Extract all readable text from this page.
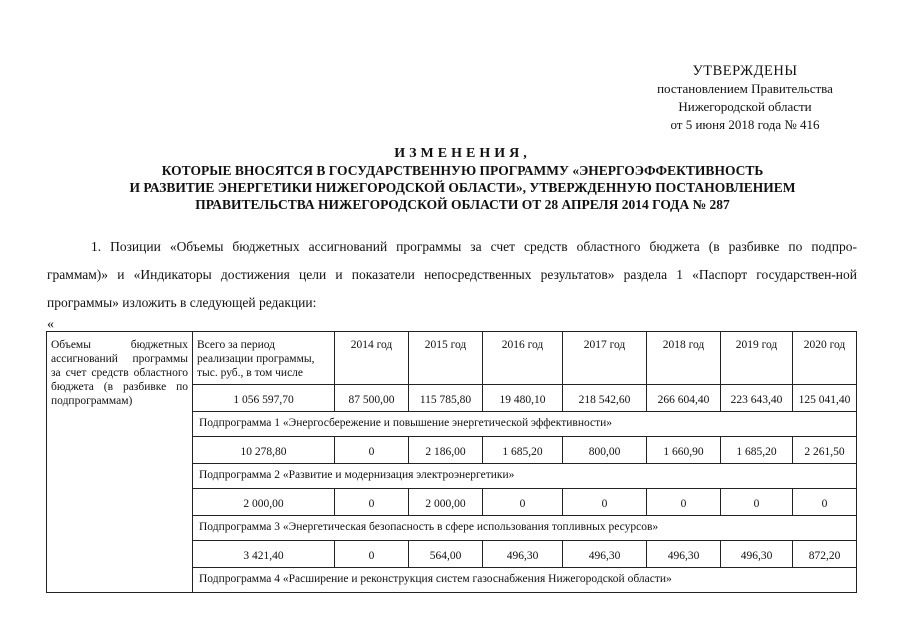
УТВЕРЖДЕНЫ
постановлением Правительства
Нижегородской области
от 5 июня 2018 года № 416
ИЗМЕНЕНИЯ,
КОТОРЫЕ ВНОСЯТСЯ В ГОСУДАРСТВЕННУЮ ПРОГРАММУ «ЭНЕРГОЭФФЕКТИВНОСТЬ
И РАЗВИТИЕ ЭНЕРГЕТИКИ НИЖЕГОРОДСКОЙ ОБЛАСТИ», УТВЕРЖДЕННУЮ ПОСТАНОВЛЕНИЕМ
ПРАВИТЕЛЬСТВА НИЖЕГОРОДСКОЙ ОБЛАСТИ ОТ 28 АПРЕЛЯ 2014 ГОДА № 287
1. Позиции «Объемы бюджетных ассигнований программы за счет средств областного бюджета (в разбивке по подпро-
граммам)» и «Индикаторы достижения цели и показатели непосредственных результатов» раздела 1 «Паспорт государствен-ной программы» изложить в следующей редакции:
«
Объемы бюджетных ассигнований программы за счет средств областного бюджета (в разбивке по подпрограммам)	Всего за период реализации программы, тыс. руб., в том числе	2014 год	2015 год	2016 год	2017 год	2018 год	2019 год	2020 год
	1 056 597,70	87 500,00	115 785,80	19 480,10	218 542,60	266 604,40	223 643,40	125 041,40
	Подпрограмма 1 «Энергосбережение и повышение энергетической эффективности»							
	10 278,80	0	2 186,00	1 685,20	800,00	1 660,90	1 685,20	2 261,50
	Подпрограмма 2 «Развитие и модернизация электроэнергетики»							
	2 000,00	0	2 000,00	0	0	0	0	0
	Подпрограмма 3 «Энергетическая безопасность в сфере использования топливных ресурсов»							
	3 421,40	0	564,00	496,30	496,30	496,30	496,30	872,20
	Подпрограмма 4 «Расширение и реконструкция систем газоснабжения Нижегородской области»							
